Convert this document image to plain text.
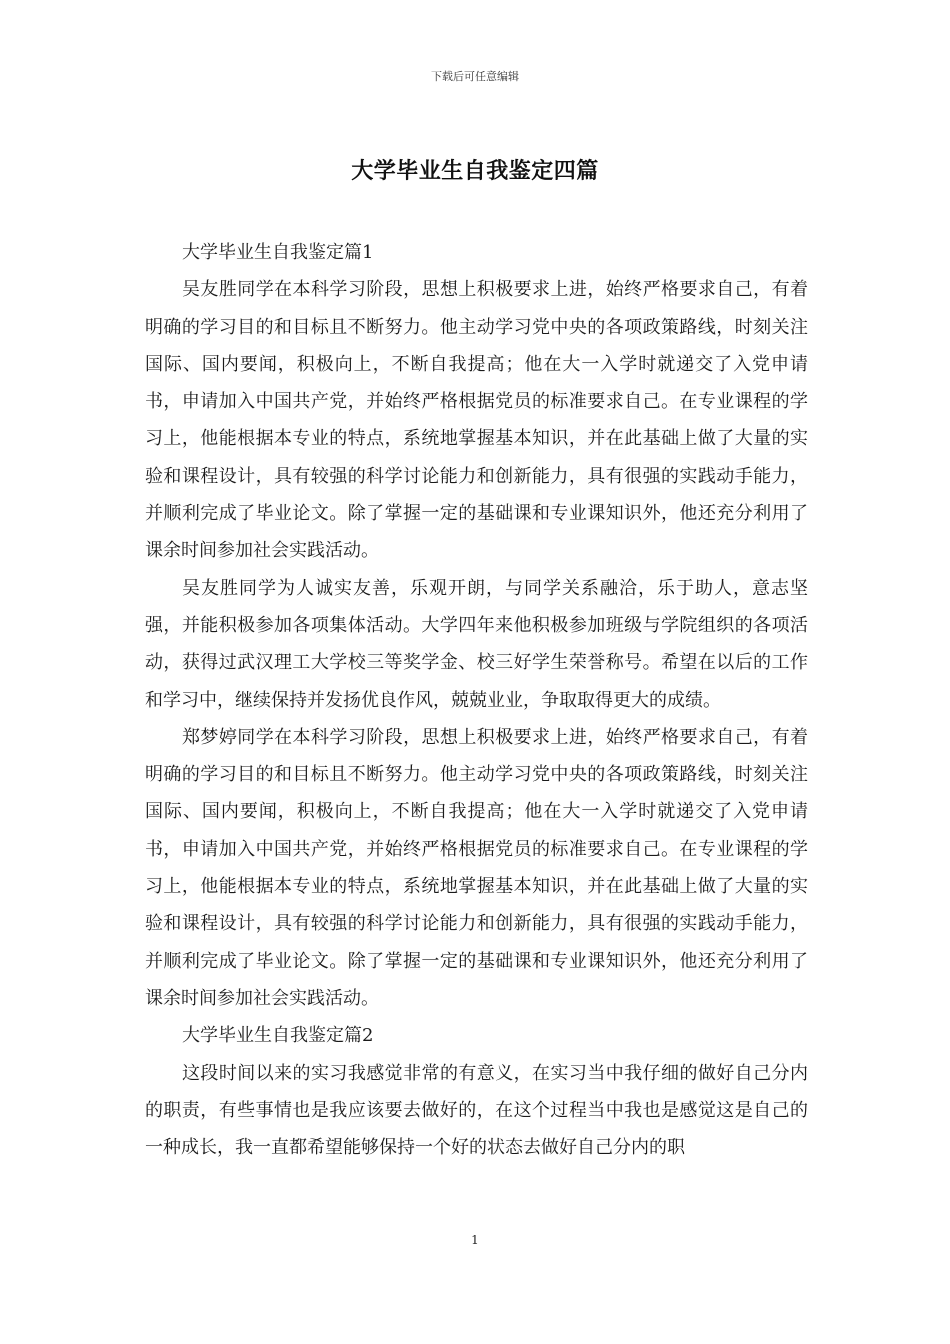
下载后可任意编辑
大学毕业生自我鉴定四篇

大学毕业生自我鉴定篇1

吴友胜同学在本科学习阶段，思想上积极要求上进，始终严格要求自己，有着明确的学习目的和目标且不断努力。他主动学习党中央的各项政策路线，时刻关注国际、国内要闻，积极向上，不断自我提高；他在大一入学时就递交了入党申请书，申请加入中国共产党，并始终严格根据党员的标准要求自己。在专业课程的学习上，他能根据本专业的特点，系统地掌握基本知识，并在此基础上做了大量的实验和课程设计，具有较强的科学讨论能力和创新能力，具有很强的实践动手能力，并顺利完成了毕业论文。除了掌握一定的基础课和专业课知识外，他还充分利用了课余时间参加社会实践活动。

吴友胜同学为人诚实友善，乐观开朗，与同学关系融洽，乐于助人，意志坚强，并能积极参加各项集体活动。大学四年来他积极参加班级与学院组织的各项活动，获得过武汉理工大学校三等奖学金、校三好学生荣誉称号。希望在以后的工作和学习中，继续保持并发扬优良作风，兢兢业业，争取取得更大的成绩。

郑梦婷同学在本科学习阶段，思想上积极要求上进，始终严格要求自己，有着明确的学习目的和目标且不断努力。他主动学习党中央的各项政策路线，时刻关注国际、国内要闻，积极向上，不断自我提高；他在大一入学时就递交了入党申请书，申请加入中国共产党，并始终严格根据党员的标准要求自己。在专业课程的学习上，他能根据本专业的特点，系统地掌握基本知识，并在此基础上做了大量的实验和课程设计，具有较强的科学讨论能力和创新能力，具有很强的实践动手能力，并顺利完成了毕业论文。除了掌握一定的基础课和专业课知识外，他还充分利用了课余时间参加社会实践活动。

大学毕业生自我鉴定篇2

这段时间以来的实习我感觉非常的有意义，在实习当中我仔细的做好自己分内的职责，有些事情也是我应该要去做好的，在这个过程当中我也是感觉这是自己的一种成长，我一直都希望能够保持一个好的状态去做好自己分内的职

1
